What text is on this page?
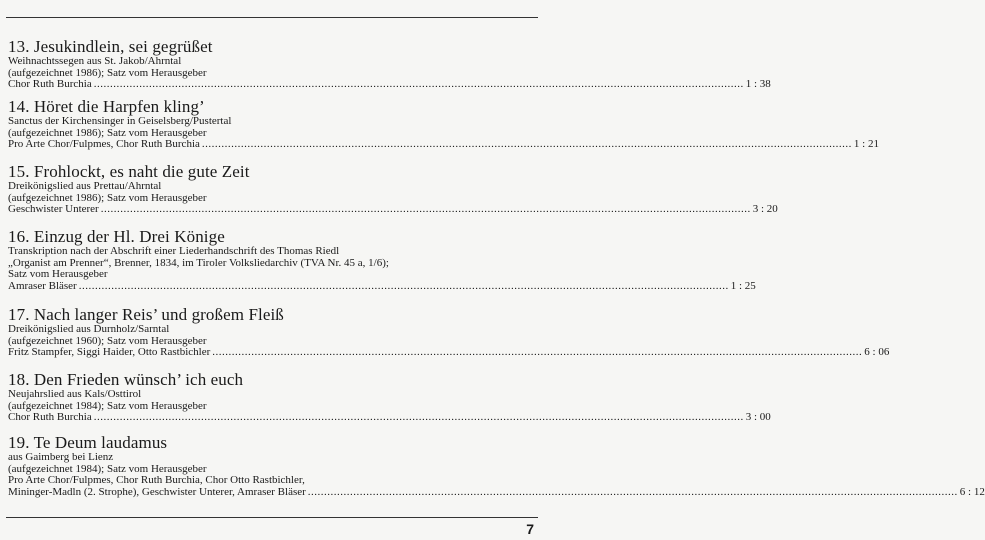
13. Jesukindlein, sei gegrüßet
Weihnachtssegen aus St. Jakob/Ahrntal
(aufgezeichnet 1986); Satz vom Herausgeber
Chor Ruth Burchia ........................................................................................................................................................................................................ 1 : 38
14. Höret die Harpfen kling’
Sanctus der Kirchensinger in Geiselsberg/Pustertal
(aufgezeichnet 1986); Satz vom Herausgeber
Pro Arte Chor/Fulpmes, Chor Ruth Burchia ........................................................................................................................................................................................................ 1 : 21
15. Frohlockt, es naht die gute Zeit
Dreikönigslied aus Prettau/Ahrntal
(aufgezeichnet 1986); Satz vom Herausgeber
Geschwister Unterer ........................................................................................................................................................................................................ 3 : 20
16. Einzug der Hl. Drei Könige
Transkription nach der Abschrift einer Liederhandschrift des Thomas Riedl
„Organist am Prenner“, Brenner, 1834, im Tiroler Volksliedarchiv (TVA Nr. 45 a, 1/6);
Satz vom Herausgeber
Amraser Bläser ........................................................................................................................................................................................................ 1 : 25
17. Nach langer Reis’ und großem Fleiß
Dreikönigslied aus Durnholz/Sarntal
(aufgezeichnet 1960); Satz vom Herausgeber
Fritz Stampfer, Siggi Haider, Otto Rastbichler ........................................................................................................................................................................................................ 6 : 06
18. Den Frieden wünsch’ ich euch
Neujahrslied aus Kals/Osttirol
(aufgezeichnet 1984); Satz vom Herausgeber
Chor Ruth Burchia ........................................................................................................................................................................................................ 3 : 00
19. Te Deum laudamus
aus Gaimberg bei Lienz
(aufgezeichnet 1984); Satz vom Herausgeber
Pro Arte Chor/Fulpmes, Chor Ruth Burchia, Chor Otto Rastbichler,
Mininger-Madln (2. Strophe), Geschwister Unterer, Amraser Bläser ........................................................................................................................................................................................................ 6 : 12
7
